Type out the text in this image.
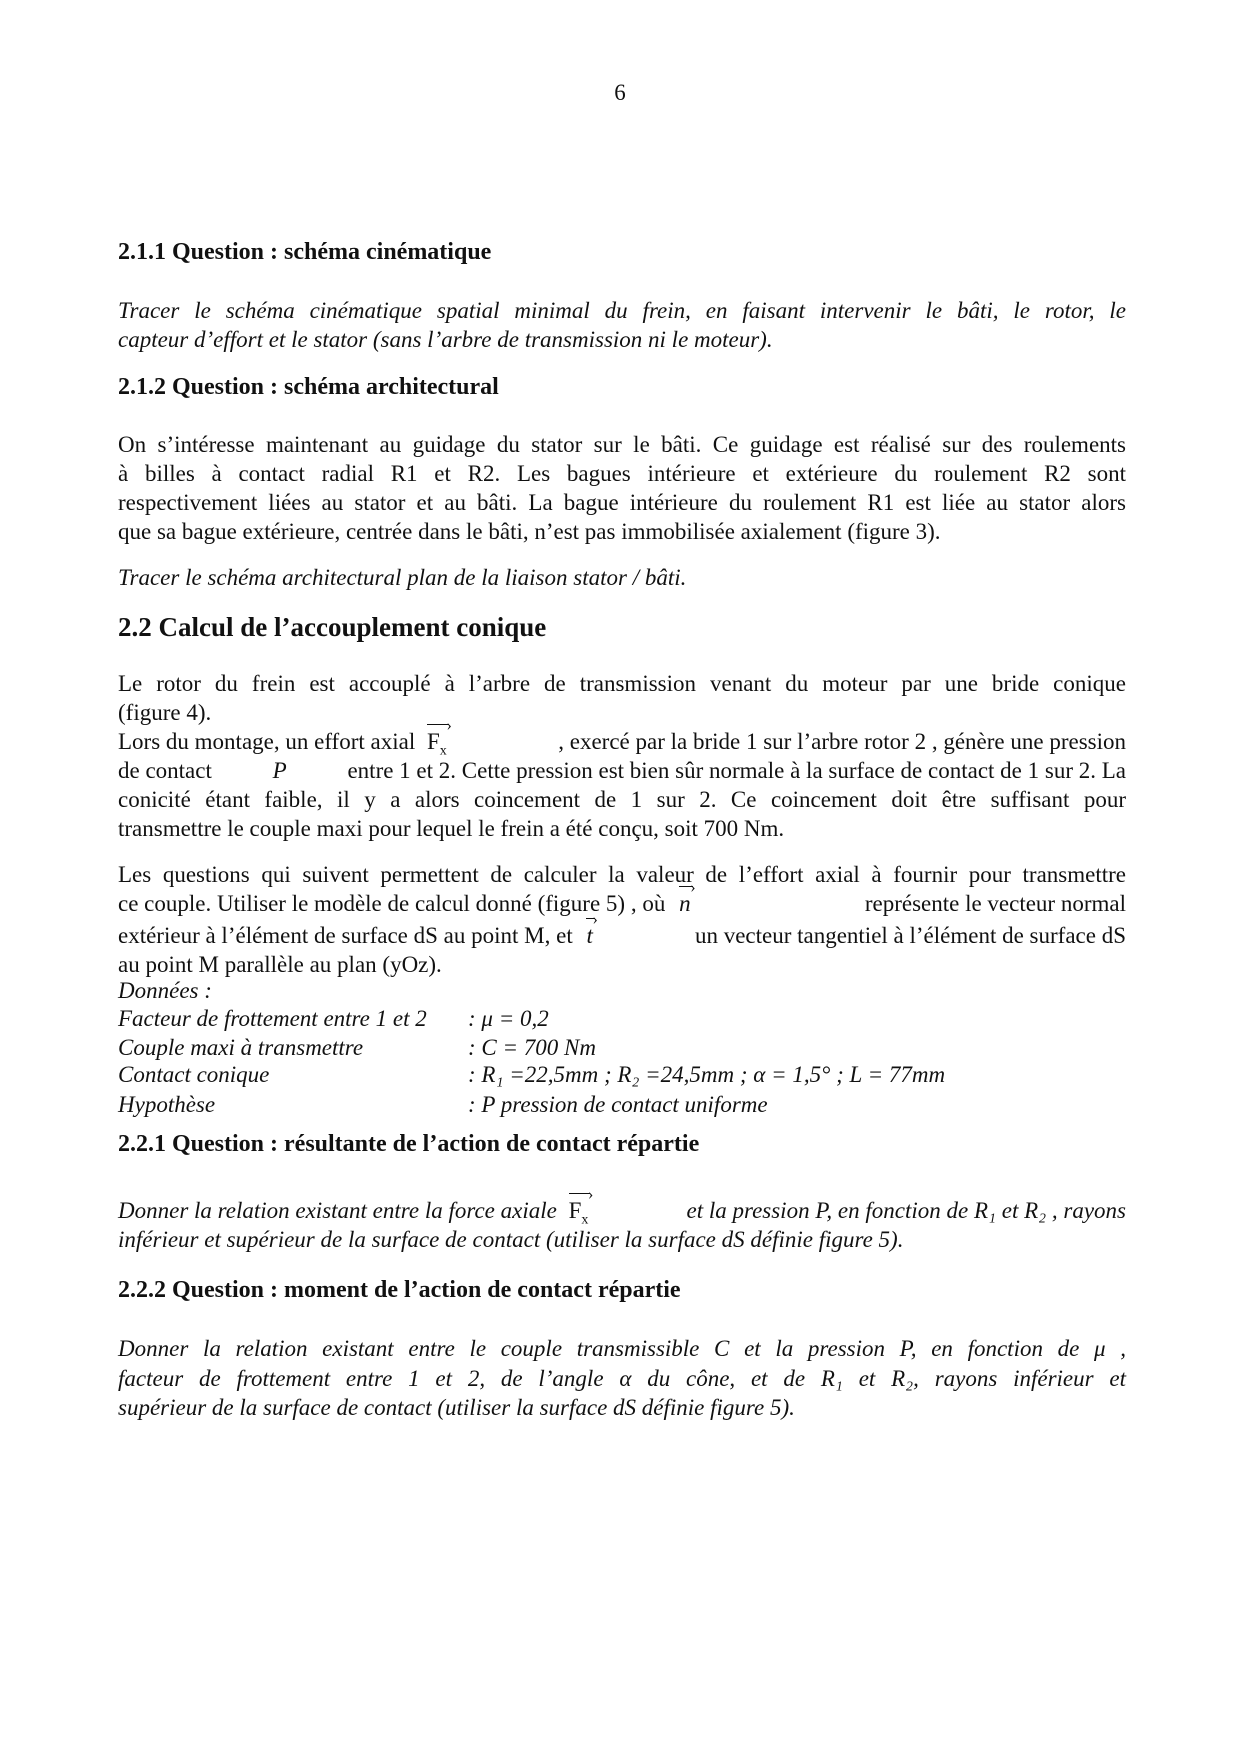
6
2.1.1 Question : schéma cinématique
Tracer le schéma cinématique spatial minimal du frein, en faisant intervenir le bâti, le rotor, le
capteur d’effort et le stator (sans l’arbre de transmission ni le moteur).
2.1.2 Question : schéma architectural
On s’intéresse maintenant au guidage du stator sur le bâti. Ce guidage est réalisé sur des roulements
à billes à contact radial R1 et R2. Les bagues intérieure et extérieure du roulement R2 sont
respectivement liées au stator et au bâti. La bague intérieure du roulement R1 est liée au stator alors
que sa bague extérieure, centrée dans le bâti, n’est pas immobilisée axialement (figure 3).
Tracer le schéma architectural plan de la liaison stator / bâti.
2.2 Calcul de l’accouplement conique
Le rotor du frein est accouplé à l’arbre de transmission venant du moteur par une bride conique
(figure 4).
Lors du montage, un effort axial $F_x$ ›	, exercé par la bride 1 sur l’arbre rotor 2 , génère une pression
de contact	P	entre 1 et 2. Cette pression est bien sûr normale à la surface de contact de 1 sur 2. La
conicité étant faible, il y a alors coincement de 1 sur 2. Ce coincement doit être suffisant pour
transmettre le couple maxi pour lequel le frein a été conçu, soit 700 Nm.
Les questions qui suivent permettent de calculer la valeur de l’effort axial à fournir pour transmettre
ce couple. Utiliser le modèle de calcul donné (figure 5) , où n ›	représente le vecteur normal
extérieur à l’élément de surface dS au point M, et t ›	un vecteur tangentiel à l’élément de surface dS
au point M parallèle au plan (yOz).
Données :
Facteur de frottement entre 1 et 2 : μ = 0,2
Couple maxi à transmettre	: C = 700 Nm
Contact conique	: R₁ =22,5mm ; R₂ =24,5mm ; α = 1,5° ; L = 77mm
Hypothèse	: P pression de contact uniforme
2.2.1 Question : résultante de l’action de contact répartie
Donner la relation existant entre la force axiale $F_x$ ›	et la pression P, en fonction de R₁ et R₂ , rayons
inférieur et supérieur de la surface de contact (utiliser la surface dS définie figure 5).
2.2.2 Question : moment de l’action de contact répartie
Donner la relation existant entre le couple transmissible C et la pression P, en fonction de μ ,
facteur de frottement entre 1 et 2, de l’angle α du cône, et de R₁ et R₂, rayons inférieur et
supérieur de la surface de contact (utiliser la surface dS définie figure 5).
